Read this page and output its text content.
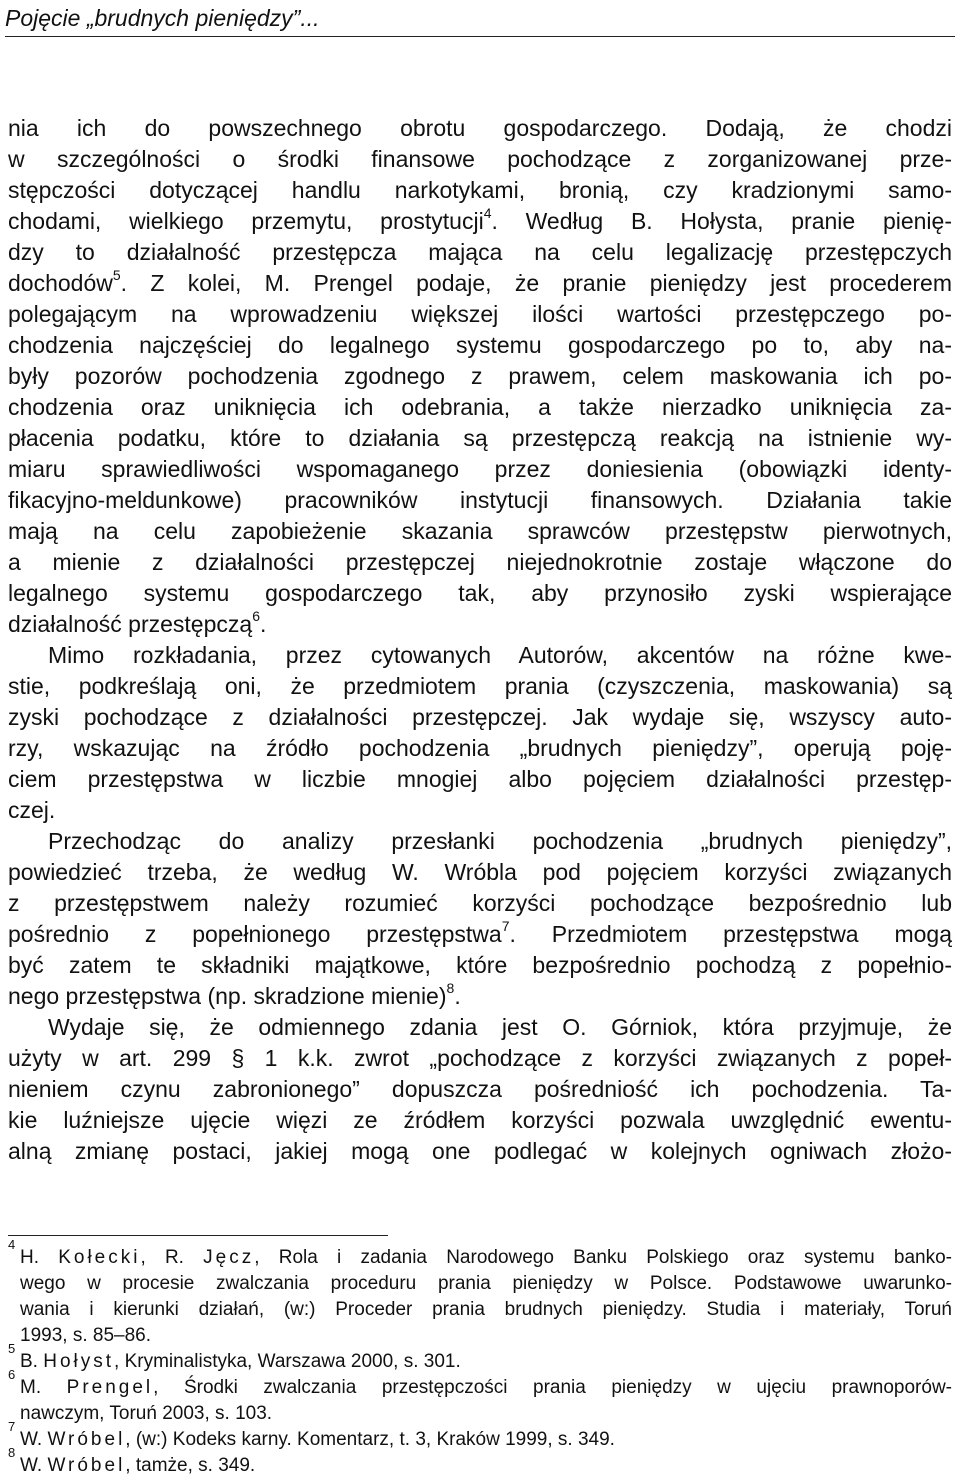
Pojęcie „brudnych pieniędzy”...
nia ich do powszechnego obrotu gospodarczego. Dodają, że chodzi
w szczególności o środki finansowe pochodzące z zorganizowanej prze-
stępczości dotyczącej handlu narkotykami, bronią, czy kradzionymi samo-
chodami, wielkiego przemytu, prostytucji$^4$. Według B. Hołysta, pranie pienię-
dzy to działalność przestępcza mająca na celu legalizację przestępczych
dochodów$^5$. Z kolei, M. Prengel podaje, że pranie pieniędzy jest procederem
polegającym na wprowadzeniu większej ilości wartości przestępczego po-
chodzenia najczęściej do legalnego systemu gospodarczego po to, aby na-
były pozorów pochodzenia zgodnego z prawem, celem maskowania ich po-
chodzenia oraz uniknięcia ich odebrania, a także nierzadko uniknięcia za-
płacenia podatku, które to działania są przestępczą reakcją na istnienie wy-
miaru sprawiedliwości wspomaganego przez doniesienia (obowiązki identy-
fikacyjno-meldunkowe) pracowników instytucji finansowych. Działania takie
mają na celu zapobieżenie skazania sprawców przestępstw pierwotnych,
a mienie z działalności przestępczej niejednokrotnie zostaje włączone do
legalnego systemu gospodarczego tak, aby przynosiło zyski wspierające
działalność przestępczą$^6$.
Mimo rozkładania, przez cytowanych Autorów, akcentów na różne kwe-
stie, podkreślają oni, że przedmiotem prania (czyszczenia, maskowania) są
zyski pochodzące z działalności przestępczej. Jak wydaje się, wszyscy auto-
rzy, wskazując na źródło pochodzenia „brudnych pieniędzy”, operują poję-
ciem przestępstwa w liczbie mnogiej albo pojęciem działalności przestęp-
czej.
Przechodząc do analizy przesłanki pochodzenia „brudnych pieniędzy”,
powiedzieć trzeba, że według W. Wróbla pod pojęciem korzyści związanych
z przestępstwem należy rozumieć korzyści pochodzące bezpośrednio lub
pośrednio z popełnionego przestępstwa$^7$. Przedmiotem przestępstwa mogą
być zatem te składniki majątkowe, które bezpośrednio pochodzą z popełnio-
nego przestępstwa (np. skradzione mienie)$^8$.
Wydaje się, że odmiennego zdania jest O. Górniok, która przyjmuje, że
użyty w art. 299 § 1 k.k. zwrot „pochodzące z korzyści związanych z popeł-
nieniem czynu zabronionego” dopuszcza pośredniość ich pochodzenia. Ta-
kie luźniejsze ujęcie więzi ze źródłem korzyści pozwala uwzględnić ewentu-
alną zmianę postaci, jakiej mogą one podlegać w kolejnych ogniwach złożo-
4
H. Kołecki, R. Jęcz, Rola i zadania Narodowego Banku Polskiego oraz systemu banko-
wego w procesie zwalczania proceduru prania pieniędzy w Polsce. Podstawowe uwarunko-
wania i kierunki działań, (w:) Proceder prania brudnych pieniędzy. Studia i materiały, Toruń
1993, s. 85–86.
5
B. Hołyst, Kryminalistyka, Warszawa 2000, s. 301.
6
M. Prengel, Środki zwalczania przestępczości prania pieniędzy w ujęciu prawnoporów-
nawczym, Toruń 2003, s. 103.
7
W. Wróbel, (w:) Kodeks karny. Komentarz, t. 3, Kraków 1999, s. 349.
8
W. Wróbel, tamże, s. 349.
